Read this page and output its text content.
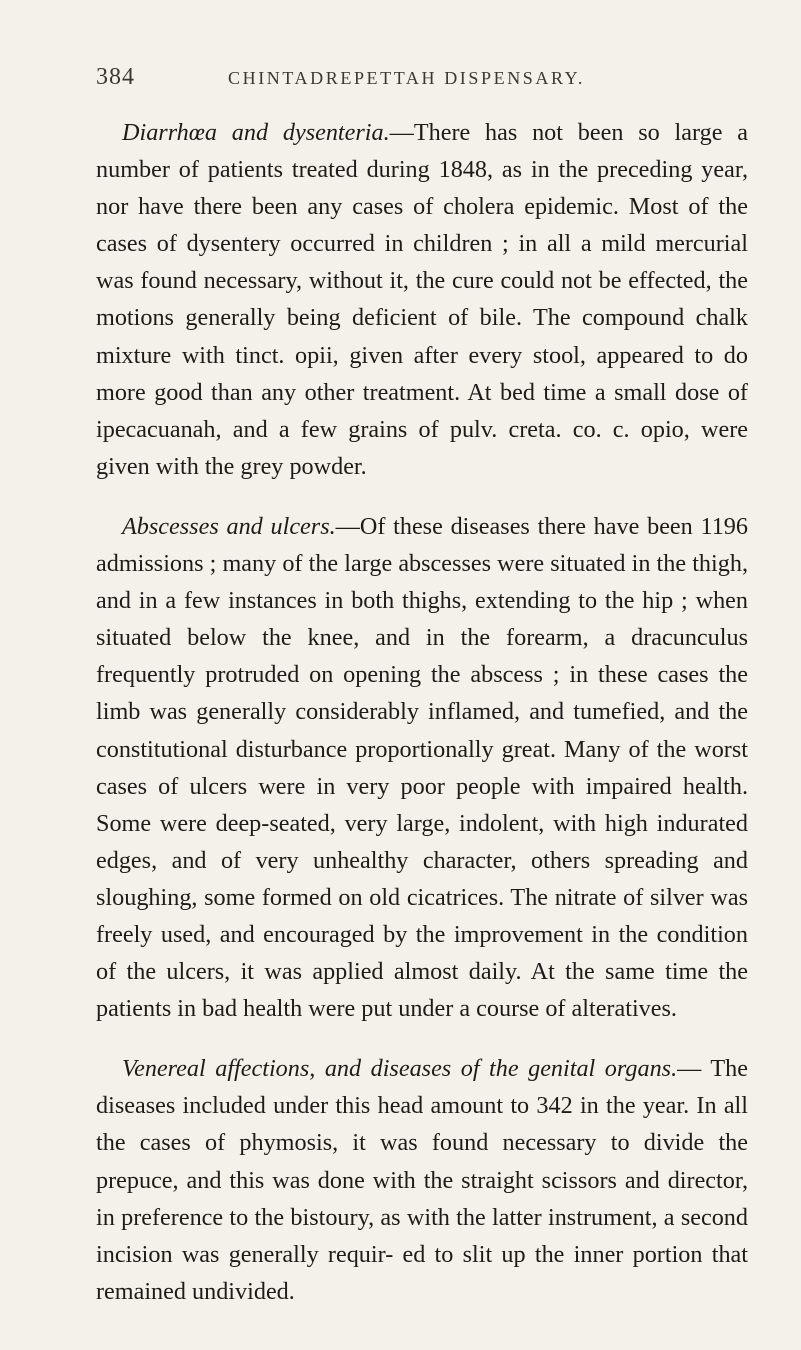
384	CHINTADREPETTAH DISPENSARY.

Diarrhœa and dysenteria.—There has not been so large a number of patients treated during 1848, as in the preceding year, nor have there been any cases of cholera epidemic. Most of the cases of dysentery occurred in children ; in all a mild mercurial was found necessary, without it, the cure could not be effected, the motions generally being deficient of bile. The compound chalk mixture with tinct. opii, given after every stool, appeared to do more good than any other treatment. At bed time a small dose of ipecacuanah, and a few grains of pulv. creta. co. c. opio, were given with the grey powder.

Abscesses and ulcers.—Of these diseases there have been 1196 admissions ; many of the large abscesses were situated in the thigh, and in a few instances in both thighs, extending to the hip ; when situated below the knee, and in the forearm, a dracunculus frequently protruded on opening the abscess ; in these cases the limb was generally considerably inflamed, and tumefied, and the constitutional disturbance proportionally great. Many of the worst cases of ulcers were in very poor people with impaired health. Some were deep-seated, very large, indolent, with high indurated edges, and of very unhealthy character, others spreading and sloughing, some formed on old cicatrices. The nitrate of silver was freely used, and encouraged by the improvement in the condition of the ulcers, it was applied almost daily. At the same time the patients in bad health were put under a course of alteratives.

Venereal affections, and diseases of the genital organs.— The diseases included under this head amount to 342 in the year. In all the cases of phymosis, it was found necessary to divide the prepuce, and this was done with the straight scissors and director, in preference to the bistoury, as with the latter instrument, a second incision was generally requir- ed to slit up the inner portion that remained undivided.
